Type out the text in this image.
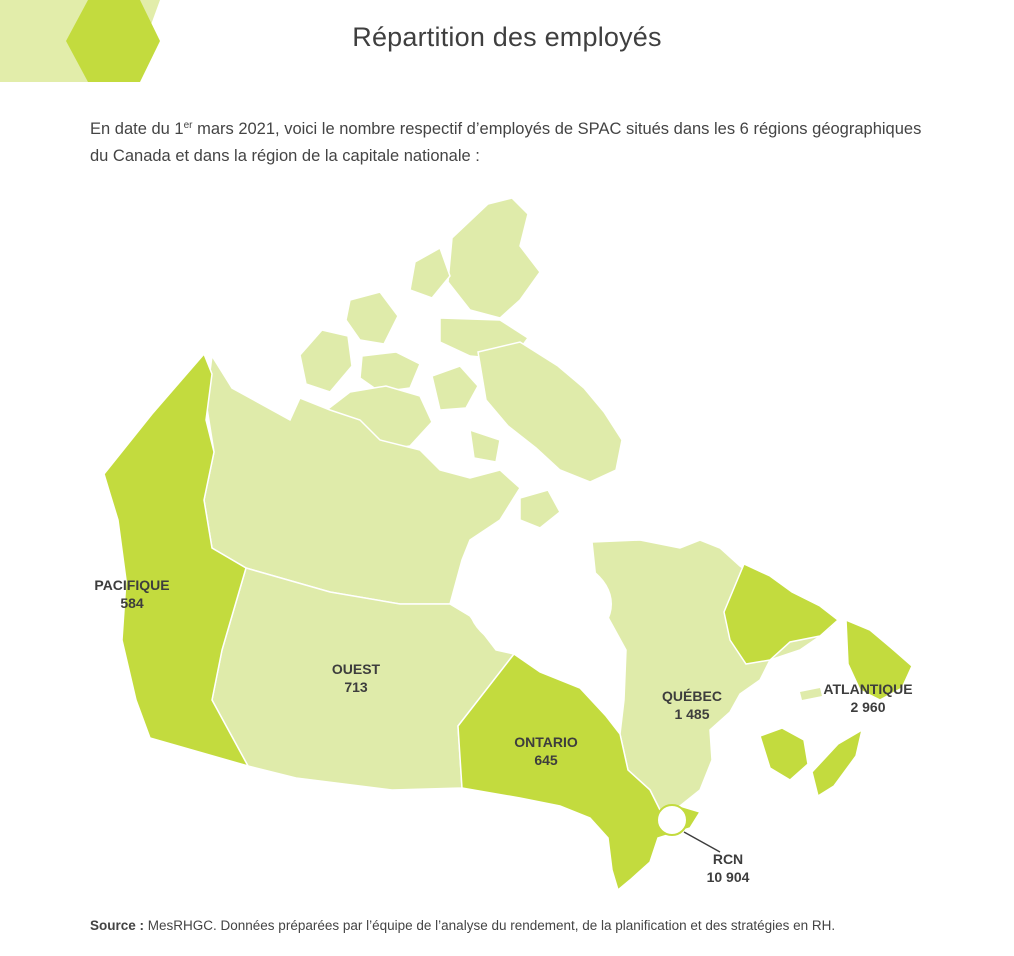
Répartition des employés
En date du 1er mars 2021, voici le nombre respectif d’employés de SPAC situés dans les 6 régions géographiques du Canada et dans la région de la capitale nationale :
PACIFIQUE
584
OUEST
713
ONTARIO
645
QUÉBEC
1 485
ATLANTIQUE
2 960
RCN
10 904
Source : MesRHGC. Données préparées par l’équipe de l’analyse du rendement, de la planification et des stratégies en RH.
